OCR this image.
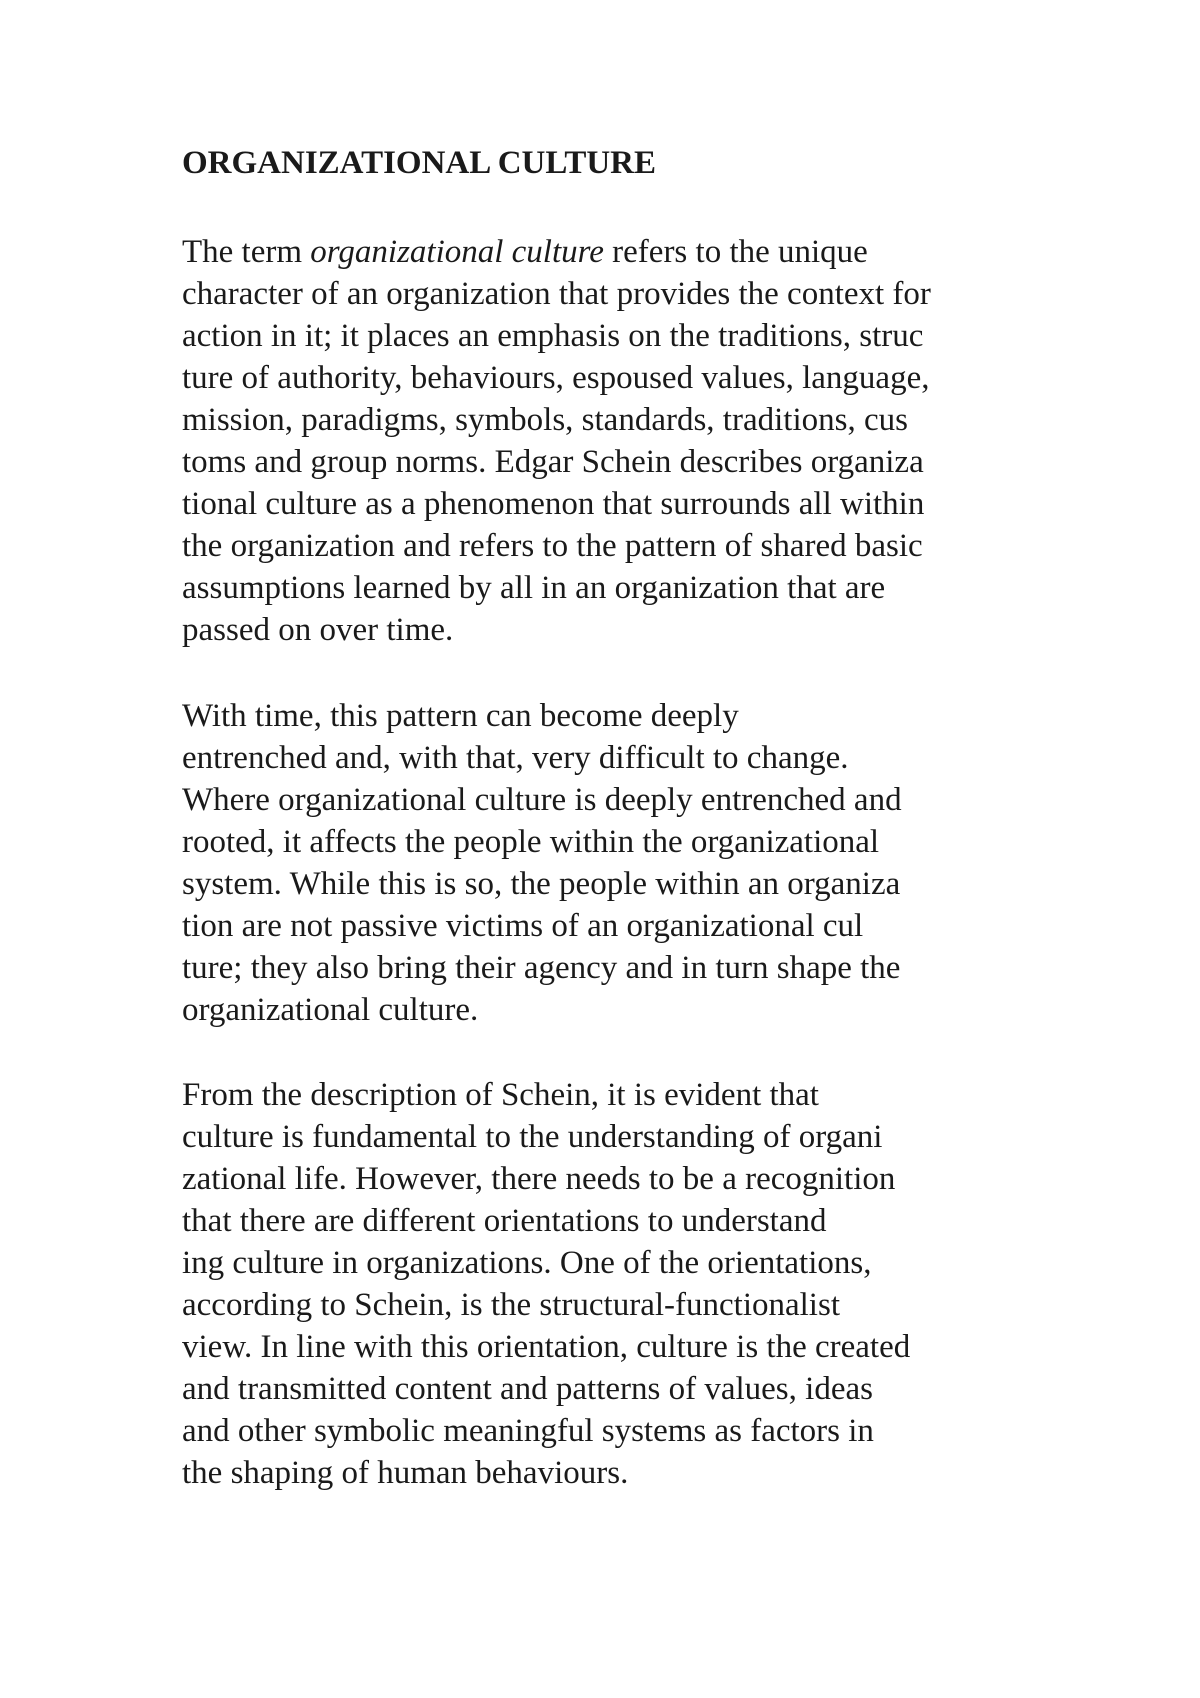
ORGANIZATIONAL CULTURE

The term organizational culture refers to the unique
character of an organization that provides the context for
action in it; it places an emphasis on the traditions, struc
ture of authority, behaviours, espoused values, language,
mission, paradigms, symbols, standards, traditions, cus
toms and group norms. Edgar Schein describes organiza
tional culture as a phenomenon that surrounds all within
the organization and refers to the pattern of shared basic
assumptions learned by all in an organization that are
passed on over time.

With time, this pattern can become deeply
entrenched and, with that, very difficult to change.
Where organizational culture is deeply entrenched and
rooted, it affects the people within the organizational
system. While this is so, the people within an organiza
tion are not passive victims of an organizational cul
ture; they also bring their agency and in turn shape the
organizational culture.

From the description of Schein, it is evident that
culture is fundamental to the understanding of organi
zational life. However, there needs to be a recognition
that there are different orientations to understand
ing culture in organizations. One of the orientations,
according to Schein, is the structural-functionalist
view. In line with this orientation, culture is the created
and transmitted content and patterns of values, ideas
and other symbolic meaningful systems as factors in
the shaping of human behaviours.
